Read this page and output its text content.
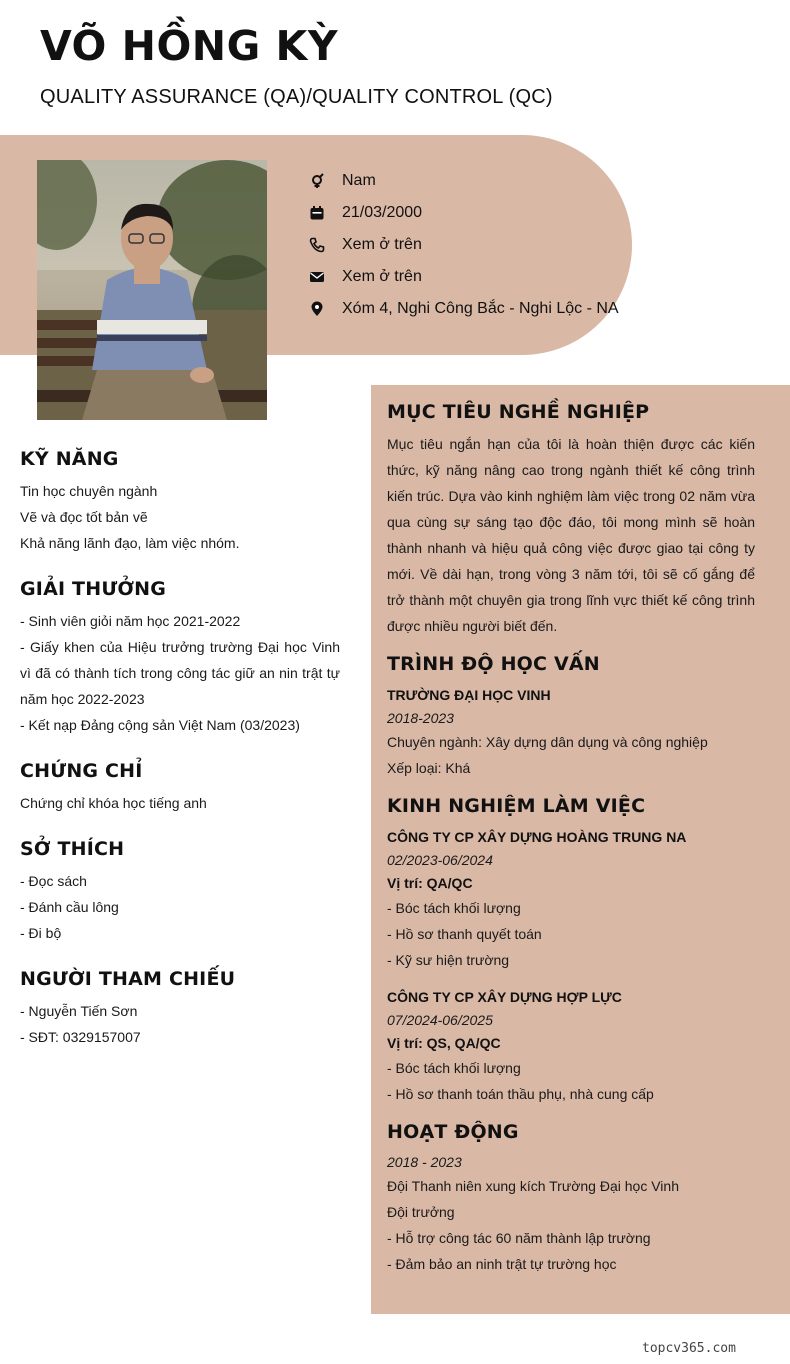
VÕ HỒNG KỲ
QUALITY ASSURANCE (QA)/QUALITY CONTROL (QC)
Nam
21/03/2000
Xem ở trên
Xem ở trên
Xóm 4, Nghi Công Bắc - Nghi Lộc - NA
KỸ NĂNG
Tin học chuyên ngành
Vẽ và đọc tốt bản vẽ
Khả năng lãnh đạo, làm việc nhóm.
GIẢI THƯỞNG
- Sinh viên giỏi năm học 2021-2022
- Giấy khen của Hiệu trưởng trường Đại học Vinh vì đã có thành tích trong công tác giữ an nin trật tự năm học 2022-2023
- Kết nạp Đảng cộng sản Việt Nam (03/2023)
CHỨNG CHỈ
Chứng chỉ khóa học tiếng anh
SỞ THÍCH
- Đọc sách
- Đánh cầu lông
- Đi bộ
NGƯỜI THAM CHIẾU
- Nguyễn Tiến Sơn
- SĐT: 0329157007
MỤC TIÊU NGHỀ NGHIỆP
Mục tiêu ngắn hạn của tôi là hoàn thiện được các kiến thức, kỹ năng nâng cao trong ngành thiết kế công trình kiến trúc. Dựa vào kinh nghiệm làm việc trong 02 năm vừa qua cùng sự sáng tạo độc đáo, tôi mong mình sẽ hoàn thành nhanh và hiệu quả công việc được giao tại công ty mới. Về dài hạn, trong vòng 3 năm tới, tôi sẽ cố gắng để trở thành một chuyên gia trong lĩnh vực thiết kế công trình được nhiều người biết đến.
TRÌNH ĐỘ HỌC VẤN
TRƯỜNG ĐẠI HỌC VINH
2018-2023
Chuyên ngành: Xây dựng dân dụng và công nghiệp
Xếp loại: Khá
KINH NGHIỆM LÀM VIỆC
CÔNG TY CP XÂY DỰNG HOÀNG TRUNG NA
02/2023-06/2024
Vị trí: QA/QC
- Bóc tách khối lượng
- Hồ sơ thanh quyết toán
- Kỹ sư hiện trường
CÔNG TY CP XÂY DỰNG HỢP LỰC
07/2024-06/2025
Vị trí: QS, QA/QC
- Bóc tách khối lượng
- Hồ sơ thanh toán thầu phụ, nhà cung cấp
HOẠT ĐỘNG
2018 - 2023
Đội Thanh niên xung kích Trường Đại học Vinh
Đội trưởng
- Hỗ trợ công tác 60 năm thành lập trường
- Đảm bảo an ninh trật tự trường học
topcv365.com
